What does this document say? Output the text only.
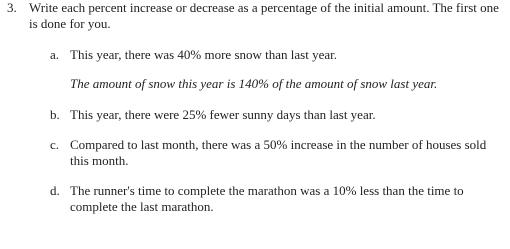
3. Write each percent increase or decrease as a percentage of the initial amount. The first one is done for you.
a. This year, there was 40% more snow than last year.
The amount of snow this year is 140% of the amount of snow last year.
b. This year, there were 25% fewer sunny days than last year.
c. Compared to last month, there was a 50% increase in the number of houses sold this month.
d. The runner's time to complete the marathon was a 10% less than the time to complete the last marathon.
